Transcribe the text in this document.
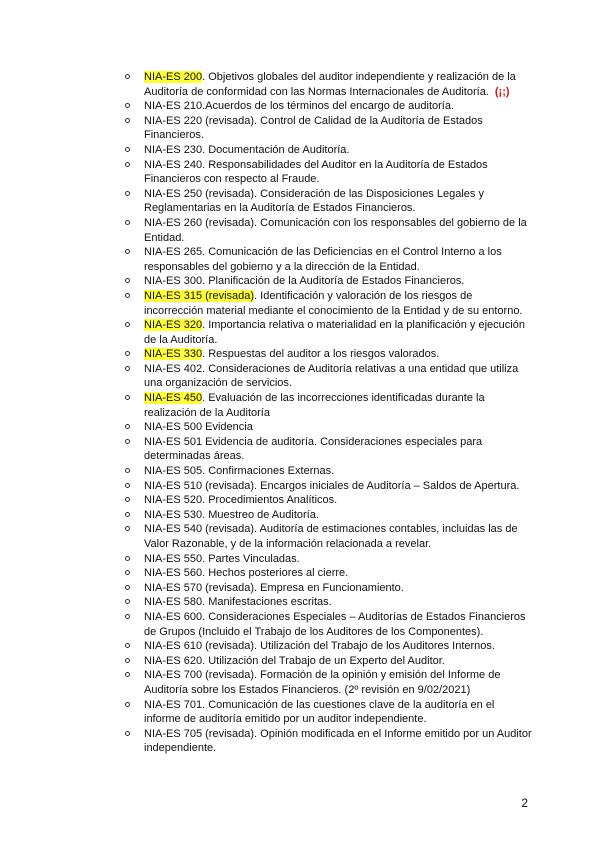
NIA-ES 200. Objetivos globales del auditor independiente y realización de la Auditoría de conformidad con las Normas Internacionales de Auditoría. (¡;)
NIA-ES 210.Acuerdos de los términos del encargo de auditoría.
NIA-ES 220 (revisada). Control de Calidad de la Auditoría de Estados Financieros.
NIA-ES 230. Documentación de Auditoría.
NIA-ES 240. Responsabilidades del Auditor en la Auditoría de Estados Financieros con respecto al Fraude.
NIA-ES 250 (revisada). Consideración de las Disposiciones Legales y Reglamentarias en la Auditoría de Estados Financieros.
NIA-ES 260 (revisada). Comunicación con los responsables del gobierno de la Entidad.
NIA-ES 265. Comunicación de las Deficiencias en el Control Interno a los responsables del gobierno y a la dirección de la Entidad.
NIA-ES 300. Planificación de la Auditoría de Estados Financieros.
NIA-ES 315 (revisada). Identificación y valoración de los riesgos de incorrección material mediante el conocimiento de la Entidad y de su entorno.
NIA-ES 320. Importancia relativa o materialidad en la planificación y ejecución de la Auditoría.
NIA-ES 330. Respuestas del auditor a los riesgos valorados.
NIA-ES 402. Consideraciones de Auditoría relativas a una entidad que utiliza una organización de servicios.
NIA-ES 450. Evaluación de las incorrecciones identificadas durante la realización de la Auditoría
NIA-ES 500 Evidencia
NIA-ES 501 Evidencia de auditoría. Consideraciones especiales para determinadas áreas.
NIA-ES 505. Confirmaciones Externas.
NIA-ES 510 (revisada). Encargos iniciales de Auditoría – Saldos de Apertura.
NIA-ES 520. Procedimientos Analíticos.
NIA-ES 530. Muestreo de Auditoría.
NIA-ES 540 (revisada). Auditoría de estimaciones contables, incluidas las de Valor Razonable, y de la información relacionada a revelar.
NIA-ES 550. Partes Vinculadas.
NIA-ES 560. Hechos posteriores al cierre.
NIA-ES 570 (revisada). Empresa en Funcionamiento.
NIA-ES 580. Manifestaciones escritas.
NIA-ES 600. Consideraciones Especiales – Auditorías de Estados Financieros de Grupos (Incluido el Trabajo de los Auditores de los Componentes).
NIA-ES 610 (revisada). Utilización del Trabajo de los Auditores Internos.
NIA-ES 620. Utilización del Trabajo de un Experto del Auditor.
NIA-ES 700 (revisada). Formación de la opinión y emisión del Informe de Auditoría sobre los Estados Financieros. (2º revisión en 9/02/2021)
NIA-ES 701. Comunicación de las cuestiones clave de la auditoría en el informe de auditoría emitido por un auditor independiente.
NIA-ES 705 (revisada). Opinión modificada en el Informe emitido por un Auditor independiente.
2
